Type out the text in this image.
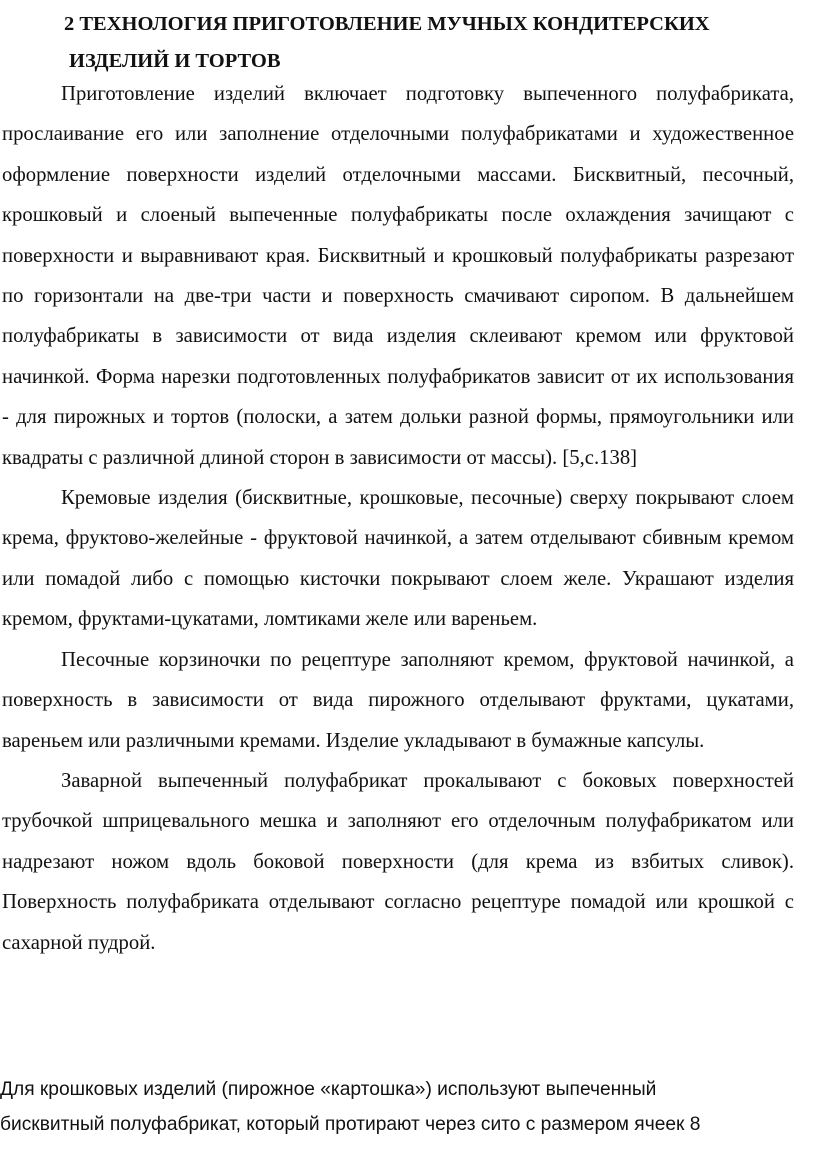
2 ТЕХНОЛОГИЯ ПРИГОТОВЛЕНИЕ МУЧНЫХ КОНДИТЕРСКИХ
ИЗДЕЛИЙ И ТОРТОВ

Приготовление изделий включает подготовку выпеченного полуфабриката, прослаивание его или заполнение отделочными полуфабрикатами и художественное оформление поверхности изделий отделочными массами. Бисквитный, песочный, крошковый и слоеный выпеченные полуфабрикаты после охлаждения зачищают с поверхности и выравнивают края. Бисквитный и крошковый полуфабрикаты разрезают по горизонтали на две-три части и поверхность смачивают сиропом. В дальнейшем полуфабрикаты в зависимости от вида изделия склеивают кремом или фруктовой начинкой. Форма нарезки подготовленных полуфабрикатов зависит от их использования - для пирожных и тортов (полоски, а затем дольки разной формы, прямоугольники или квадраты с различной длиной сторон в зависимости от массы). [5,с.138]

Кремовые изделия (бисквитные, крошковые, песочные) сверху покрывают слоем крема, фруктово-желейные - фруктовой начинкой, а затем отделывают сбивным кремом или помадой либо с помощью кисточки покрывают слоем желе. Украшают изделия кремом, фруктами-цукатами, ломтиками желе или вареньем.

Песочные корзиночки по рецептуре заполняют кремом, фруктовой начинкой, а поверхность в зависимости от вида пирожного отделывают фруктами, цукатами, вареньем или различными кремами. Изделие укладывают в бумажные капсулы.

Заварной выпеченный полуфабрикат прокалывают с боковых поверхностей трубочкой шприцевального мешка и заполняют его отделочным полуфабрикатом или надрезают ножом вдоль боковой поверхности (для крема из взбитых сливок). Поверхность полуфабриката отделывают согласно рецептуре помадой или крошкой с сахарной пудрой.

Для крошковых изделий (пирожное «картошка») используют выпеченный
бисквитный полуфабрикат, который протирают через сито с размером ячеек 8
